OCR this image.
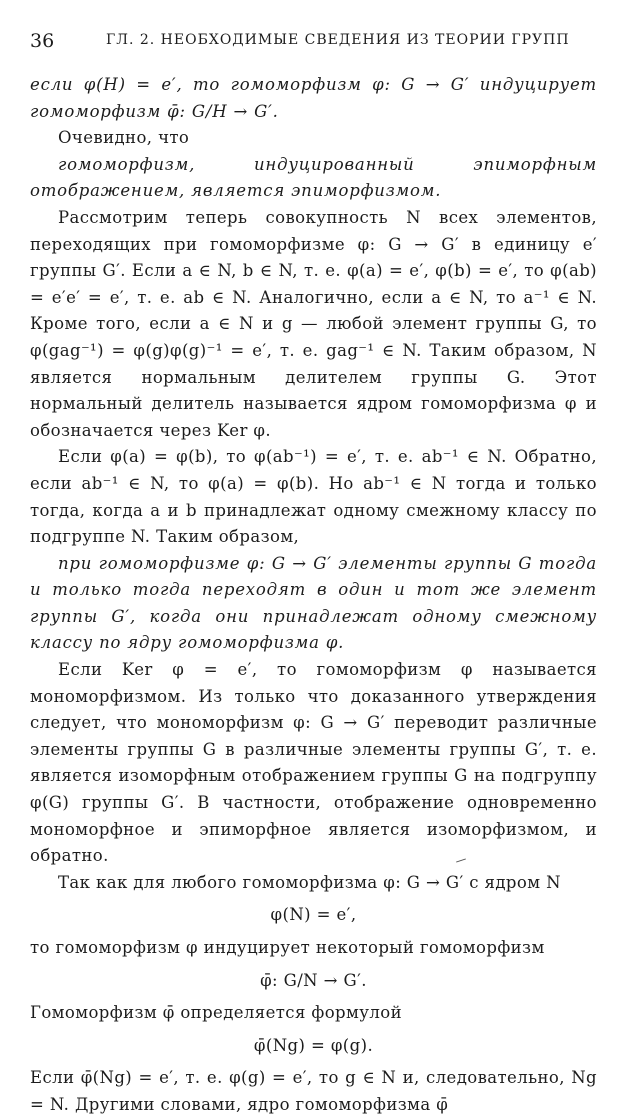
36	ГЛ. 2. НЕОБХОДИМЫЕ СВЕДЕНИЯ ИЗ ТЕОРИИ ГРУПП

если φ(H) = e′, то гомоморфизм φ: G → G′ индуцирует гомоморфизм φ̄: G/H → G′.

Очевидно, что

гомоморфизм, индуцированный эпиморфным отображением, является эпиморфизмом.

Рассмотрим теперь совокупность N всех элементов, переходящих при гомоморфизме φ: G → G′ в единицу e′ группы G′. Если a ∈ N, b ∈ N, т. е. φ(a) = e′, φ(b) = e′, то φ(ab) = e′e′ = e′, т. е. ab ∈ N. Аналогично, если a ∈ N, то a⁻¹ ∈ N. Кроме того, если a ∈ N и g — любой элемент группы G, то φ(gag⁻¹) = φ(g)φ(g)⁻¹ = e′, т. е. gag⁻¹ ∈ N. Таким образом, N является нормальным делителем группы G. Этот нормальный делитель называется ядром гомоморфизма φ и обозначается через Ker φ.

Если φ(a) = φ(b), то φ(ab⁻¹) = e′, т. е. ab⁻¹ ∈ N. Обратно, если ab⁻¹ ∈ N, то φ(a) = φ(b). Но ab⁻¹ ∈ N тогда и только тогда, когда a и b принадлежат одному смежному классу по подгруппе N. Таким образом,

при гомоморфизме φ: G → G′ элементы группы G тогда и только тогда переходят в один и тот же элемент группы G′, когда они принадлежат одному смежному классу по ядру гомоморфизма φ.

Если Ker φ = e′, то гомоморфизм φ называется мономорфизмом. Из только что доказанного утверждения следует, что мономорфизм φ: G → G′ переводит различные элементы группы G в различные элементы группы G′, т. е. является изоморфным отображением группы G на подгруппу φ(G) группы G′. В частности, отображение одновременно мономорфное и эпиморфное является изоморфизмом, и обратно.

Так как для любого гомоморфизма φ: G → G′ с ядром N

φ(N) = e′,

то гомоморфизм φ индуцирует некоторый гомоморфизм

φ̄: G/N → G′.

Гомоморфизм φ̄ определяется формулой

φ̄(Ng) = φ(g).

Если φ̄(Ng) = e′, т. е. φ(g) = e′, то g ∈ N и, следовательно, Ng = N. Другими словами, ядро гомоморфизма φ̄
